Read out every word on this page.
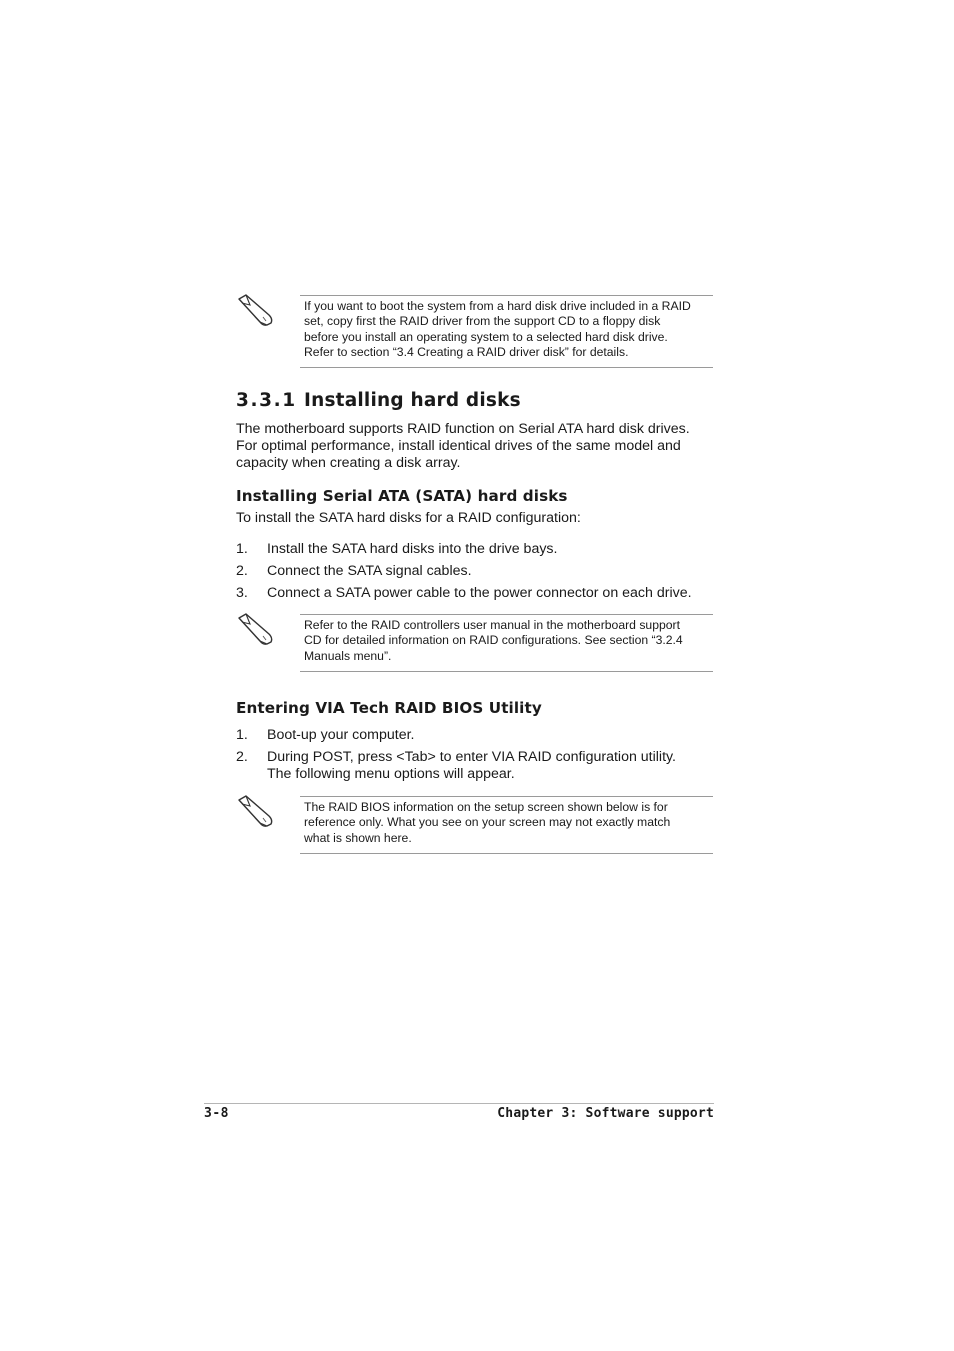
If you want to boot the system from a hard disk drive included in a RAID
set, copy first the RAID driver from the support CD to a floppy disk
before you install an operating system to a selected hard disk drive.
Refer to section “3.4 Creating a RAID driver disk” for details.
3.3.1 Installing hard disks
The motherboard supports RAID function on Serial ATA hard disk drives.
For optimal performance, install identical drives of the same model and
capacity when creating a disk array.
Installing Serial ATA (SATA) hard disks
To install the SATA hard disks for a RAID configuration:
1. Install the SATA hard disks into the drive bays.
2. Connect the SATA signal cables.
3. Connect a SATA power cable to the power connector on each drive.
Refer to the RAID controllers user manual in the motherboard support
CD for detailed information on RAID configurations. See section “3.2.4
Manuals menu”.
Entering VIA Tech RAID BIOS Utility
1. Boot-up your computer.
2. During POST, press <Tab> to enter VIA RAID configuration utility.
The following menu options will appear.
The RAID BIOS information on the setup screen shown below is for
reference only. What you see on your screen may not exactly match
what is shown here.
3-8	Chapter 3: Software support
